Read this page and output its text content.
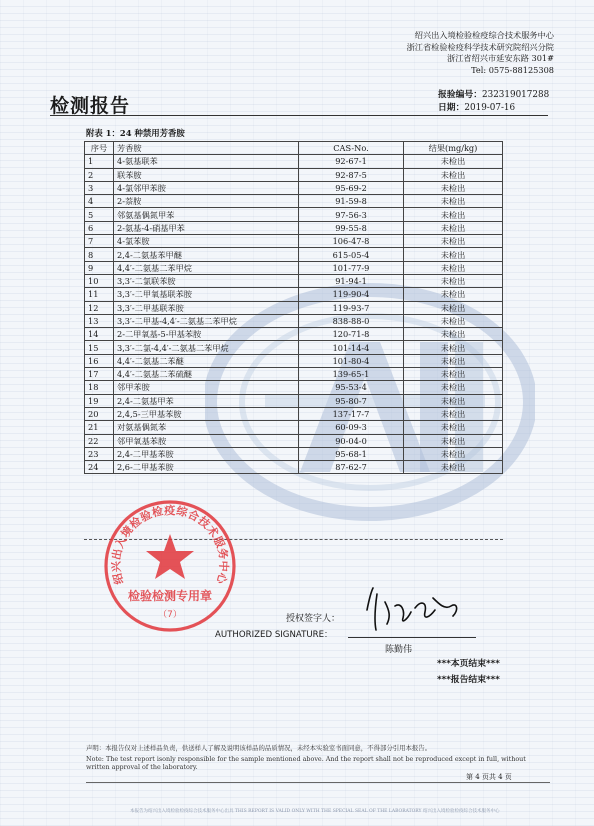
绍兴出入境检验检疫综合技术服务中心
浙江省检验检疫科学技术研究院绍兴分院
浙江省绍兴市延安东路 301#
Tel: 0575-88125308
检测报告	报验编号：232319017288
日期：2019-07-16
附表 1：24 种禁用芳香胺
序号	芳香胺	CAS-No.	结果(mg/kg)
1	4-氨基联苯	92-67-1	未检出
2	联苯胺	92-87-5	未检出
3	4-氯邻甲苯胺	95-69-2	未检出
4	2-萘胺	91-59-8	未检出
5	邻氨基偶氮甲苯	97-56-3	未检出
6	2-氨基-4-硝基甲苯	99-55-8	未检出
7	4-氯苯胺	106-47-8	未检出
8	2,4-二氨基苯甲醚	615-05-4	未检出
9	4,4′-二氨基二苯甲烷	101-77-9	未检出
10	3,3′-二氯联苯胺	91-94-1	未检出
11	3,3′-二甲氧基联苯胺	119-90-4	未检出
12	3,3′-二甲基联苯胺	119-93-7	未检出
13	3,3′-二甲基-4,4′-二氨基二苯甲烷	838-88-0	未检出
14	2-二甲氧基-5-甲基苯胺	120-71-8	未检出
15	3,3′-二氯-4,4′-二氨基二苯甲烷	101-14-4	未检出
16	4,4′-二氨基二苯醚	101-80-4	未检出
17	4,4′-二氨基二苯硫醚	139-65-1	未检出
18	邻甲苯胺	95-53-4	未检出
19	2,4-二氨基甲苯	95-80-7	未检出
20	2,4,5-三甲基苯胺	137-17-7	未检出
21	对氨基偶氮苯	60-09-3	未检出
22	邻甲氧基苯胺	90-04-0	未检出
23	2,4-二甲基苯胺	95-68-1	未检出
24	2,6-二甲基苯胺	87-62-7	未检出
绍兴出入境检验检疫综合技术服务中心
检验检测专用章
（7）	授权签字人：
AUTHORIZED SIGNATURE：
陈勤伟
***本页结束***
***报告结束***
声明：本报告仅对上述样品负责，供送样人了解及说明该样品的品质情况，未经本实验室书面同意，不得部分引用本报告。
Note: The test report isonly responsible for the sample mentioned above. And the report shall not be reproduced except in full, without written approval of the laboratory.
第 4 页共 4 页
本报告为绍兴出入境检验检疫综合技术服务中心出具 THIS REPORT IS VALID ONLY WITH THE SPECIAL SEAL OF THE LABORATORY 绍兴出入境检验检疫综合技术服务中心
